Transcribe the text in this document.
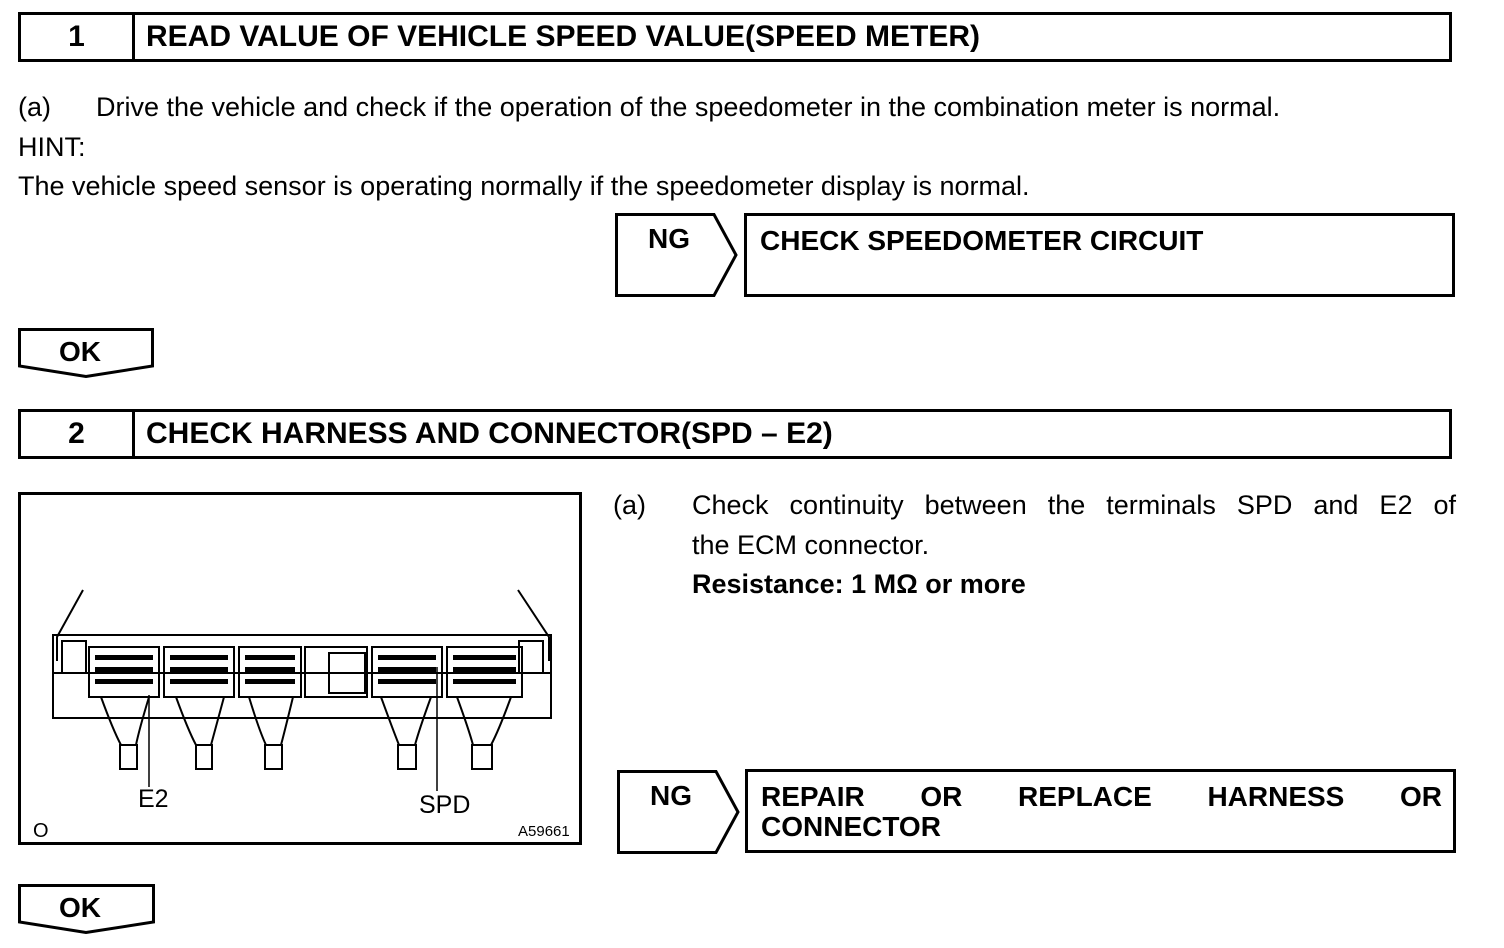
1	READ VALUE OF VEHICLE SPEED VALUE(SPEED METER)
(a) Drive the vehicle and check if the operation of the speedometer in the combination meter is normal.
HINT:
The vehicle speed sensor is operating normally if the speedometer display is normal.
NG	CHECK SPEEDOMETER CIRCUIT
OK
2	CHECK HARNESS AND CONNECTOR(SPD – E2)
E2	SPD
O	A59661
(a) Check continuity between the terminals SPD and E2 of
the ECM connector.
Resistance: 1 MΩ or more
NG REPAIR OR REPLACE HARNESS OR
CONNECTOR
OK
